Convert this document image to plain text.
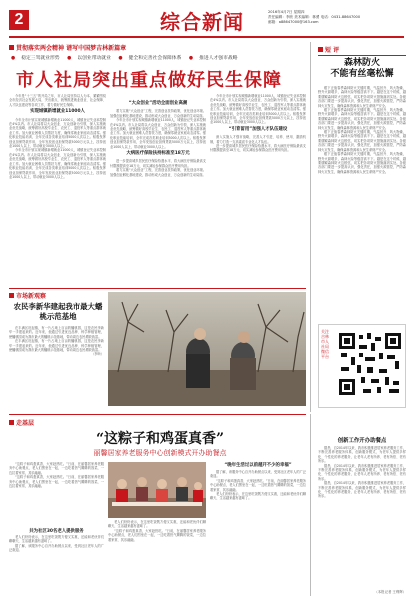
2	综合新闻	2016年4月7日 星期四
责任编辑：李欣 美术编辑：林勇 电话：0431-88647000
邮箱：a88647000@163.com
贯彻落实两会精神 谱写中国梦吉林新篇章
● 稳定三驾就业形势 ● 以创业带动就业 ● 健全和完善社会保障体系 ● 推进人才强市战略
市人社局突出重点做好民生保障

今年是“十三五”的开局之年，市人社局坚持以人为本，紧紧围绕全市经济社会发展大局，突出重点，统筹推进就业创业、社会保障、人才队伍建设等各项工作，着力做好民生保障。

实现城镇新增就业11000人

今年全市计划实现城镇新增就业11000人，城镇登记失业率控制在4%以内。市人社局将以大众创业、万众创新为引领，深入实施就业优先战略，统筹做好高校毕业生、农民工、退役军人等重点群体就业工作。加大就业困难人员帮扶力度，确保零就业家庭动态清零。强化职业技能培训，全年完成各类职业培训5000人次以上。积极发挥创业担保贷款作用，全年发放创业担保贷款5000万元以上，扶持创业1000人以上，带动就业3000人以上。

今年全市计划实现城镇新增就业11000人，城镇登记失业率控制在4%以内。市人社局将以大众创业、万众创新为引领，深入实施就业优先战略，统筹做好高校毕业生、农民工、退役军人等重点群体就业工作。加大就业困难人员帮扶力度，确保零就业家庭动态清零。强化职业技能培训，全年完成各类职业培训5000人次以上。积极发挥创业担保贷款作用，全年发放创业担保贷款5000万元以上，扶持创业1000人以上，带动就业3000人以上。

“大众创业”活动全面创业高潮

着力实施“大众创业”工程，完善创业扶持政策，优化创业环境。加强创业孵化基地建设，推动形成大众创业、万众创新的生动局面。

今年全市计划实现城镇新增就业11000人，城镇登记失业率控制在4%以内。市人社局将以大众创业、万众创新为引领，深入实施就业优先战略，统筹做好高校毕业生、农民工、退役军人等重点群体就业工作。加大就业困难人员帮扶力度，确保零就业家庭动态清零。强化职业技能培训，全年完成各类职业培训5000人次以上。积极发挥创业担保贷款作用，全年发放创业担保贷款5000万元以上，扶持创业1000人以上，带动就业3000人以上。

大病医疗保险扶持标准至18万元

进一步提高城乡居民医疗保险待遇水平，将大病医疗保险最高支付限额提高至18万元，切实减轻参保群众医疗费用负担。

着力实施“大众创业”工程，完善创业扶持政策，优化创业环境。加强创业孵化基地建设，推动形成大众创业、万众创新的生动局面。

今年全市计划实现城镇新增就业11000人，城镇登记失业率控制在4%以内。市人社局将以大众创业、万众创新为引领，深入实施就业优先战略，统筹做好高校毕业生、农民工、退役军人等重点群体就业工作。加大就业困难人员帮扶力度，确保零就业家庭动态清零。强化职业技能培训，全年完成各类职业培训5000人次以上。积极发挥创业担保贷款作用，全年发放创业担保贷款5000万元以上，扶持创业1000人以上，带动就业3000人以上。

“引育留用”加强人才队伍建设

深入实施人才强市战略，完善人才引进、培养、使用、激励机制，着力打造一支高素质专业化人才队伍。

进一步提高城乡居民医疗保险待遇水平，将大病医疗保险最高支付限额提高至18万元，切实减轻参保群众医疗费用负担。

短 评
森林防火
不能有丝毫松懈

眼下正值春季森林防火关键时期，气温回升、风大物燥，野外火源增多，森林火险等级居高不下。越是在这个时候，越要绷紧森林防火这根弦，切实把各项防火措施落到实处。各级各部门要进一步提高认识，强化责任，加强火源管控，严防森林火灾发生，确保森林资源和人民生命财产安全。

眼下正值春季森林防火关键时期，气温回升、风大物燥，野外火源增多，森林火险等级居高不下。越是在这个时候，越要绷紧森林防火这根弦，切实把各项防火措施落到实处。各级各部门要进一步提高认识，强化责任，加强火源管控，严防森林火灾发生，确保森林资源和人民生命财产安全。

眼下正值春季森林防火关键时期，气温回升、风大物燥，野外火源增多，森林火险等级居高不下。越是在这个时候，越要绷紧森林防火这根弦，切实把各项防火措施落到实处。各级各部门要进一步提高认识，强化责任，加强火源管控，严防森林火灾发生，确保森林资源和人民生命财产安全。

眼下正值春季森林防火关键时期，气温回升、风大物燥，野外火源增多，森林火险等级居高不下。越是在这个时候，越要绷紧森林防火这根弦，切实把各项防火措施落到实处。各级各部门要进一步提高认识，强化责任，加强火源管控，严防森林火灾发生，确保森林资源和人民生命财产安全。

市场新观察
农民李新华建起我市最大蟠桃示范基地

在丰满区旺起镇，有一片占地上百亩的蟠桃园，这是农民李新华一手建起来的。近年来，他通过引进优良品种、科学种植管理，使蟠桃园成为我市最大的蟠桃示范基地，带动周边农民增收致富。

在丰满区旺起镇，有一片占地上百亩的蟠桃园，这是农民李新华一手建起来的。近年来，他通过引进优良品种、科学种植管理，使蟠桃园成为我市最大的蟠桃示范基地，带动周边农民增收致富。

（李昕）
关注吉林市人社局微信平台
走基层
“这粽子和鸡蛋真香”
丽馨居家养老服务中心创新模式开办助餐点

“这粽子和鸡蛋真香，大家趁热吃。”日前，在丽馨居家养老服务中心助餐点，老人们围坐在一起，一边吃着热气腾腾的饭菜，一边拉着家常，其乐融融。

“这粽子和鸡蛋真香，大家趁热吃。”日前，在丽馨居家养老服务中心助餐点，老人们围坐在一起，一边吃着热气腾腾的饭菜，一边拉着家常，其乐融融。

共为社区30名老人提供服务

老人们纷纷表示，在这里吃饭既方便又实惠，还能和老伙伴们聊聊天，生活越来越有滋味了。

据了解，该服务中心自开办助餐点以来，受到社区老年人的广泛欢迎。

老人们纷纷表示，在这里吃饭既方便又实惠，还能和老伙伴们聊聊天，生活越来越有滋味了。

“这粽子和鸡蛋真香，大家趁热吃。”日前，在丽馨居家养老服务中心助餐点，老人们围坐在一起，一边吃着热气腾腾的饭菜，一边拉着家常，其乐融融。

“晚年生活过以前越开不少的幸福”

据了解，该服务中心自开办助餐点以来，受到社区老年人的广泛欢迎。

“这粽子和鸡蛋真香，大家趁热吃。”日前，在丽馨居家养老服务中心助餐点，老人们围坐在一起，一边吃着热气腾腾的饭菜，一边拉着家常，其乐融融。

老人们纷纷表示，在这里吃饭既方便又实惠，还能和老伙伴们聊聊天，生活越来越有滋味了。

创新工作开办助餐点

据悉，自2014年以来，我市积极推进居家养老服务工作，不断完善养老服务体系，创新服务模式，为老年人提供多样化、个性化的养老服务，让老年人老有所养、老有所依、老有所乐。

据悉，自2014年以来，我市积极推进居家养老服务工作，不断完善养老服务体系，创新服务模式，为老年人提供多样化、个性化的养老服务，让老年人老有所养、老有所依、老有所乐。

据悉，自2014年以来，我市积极推进居家养老服务工作，不断完善养老服务体系，创新服务模式，为老年人提供多样化、个性化的养老服务，让老年人老有所养、老有所依、老有所乐。

（本报记者 王利辉）
